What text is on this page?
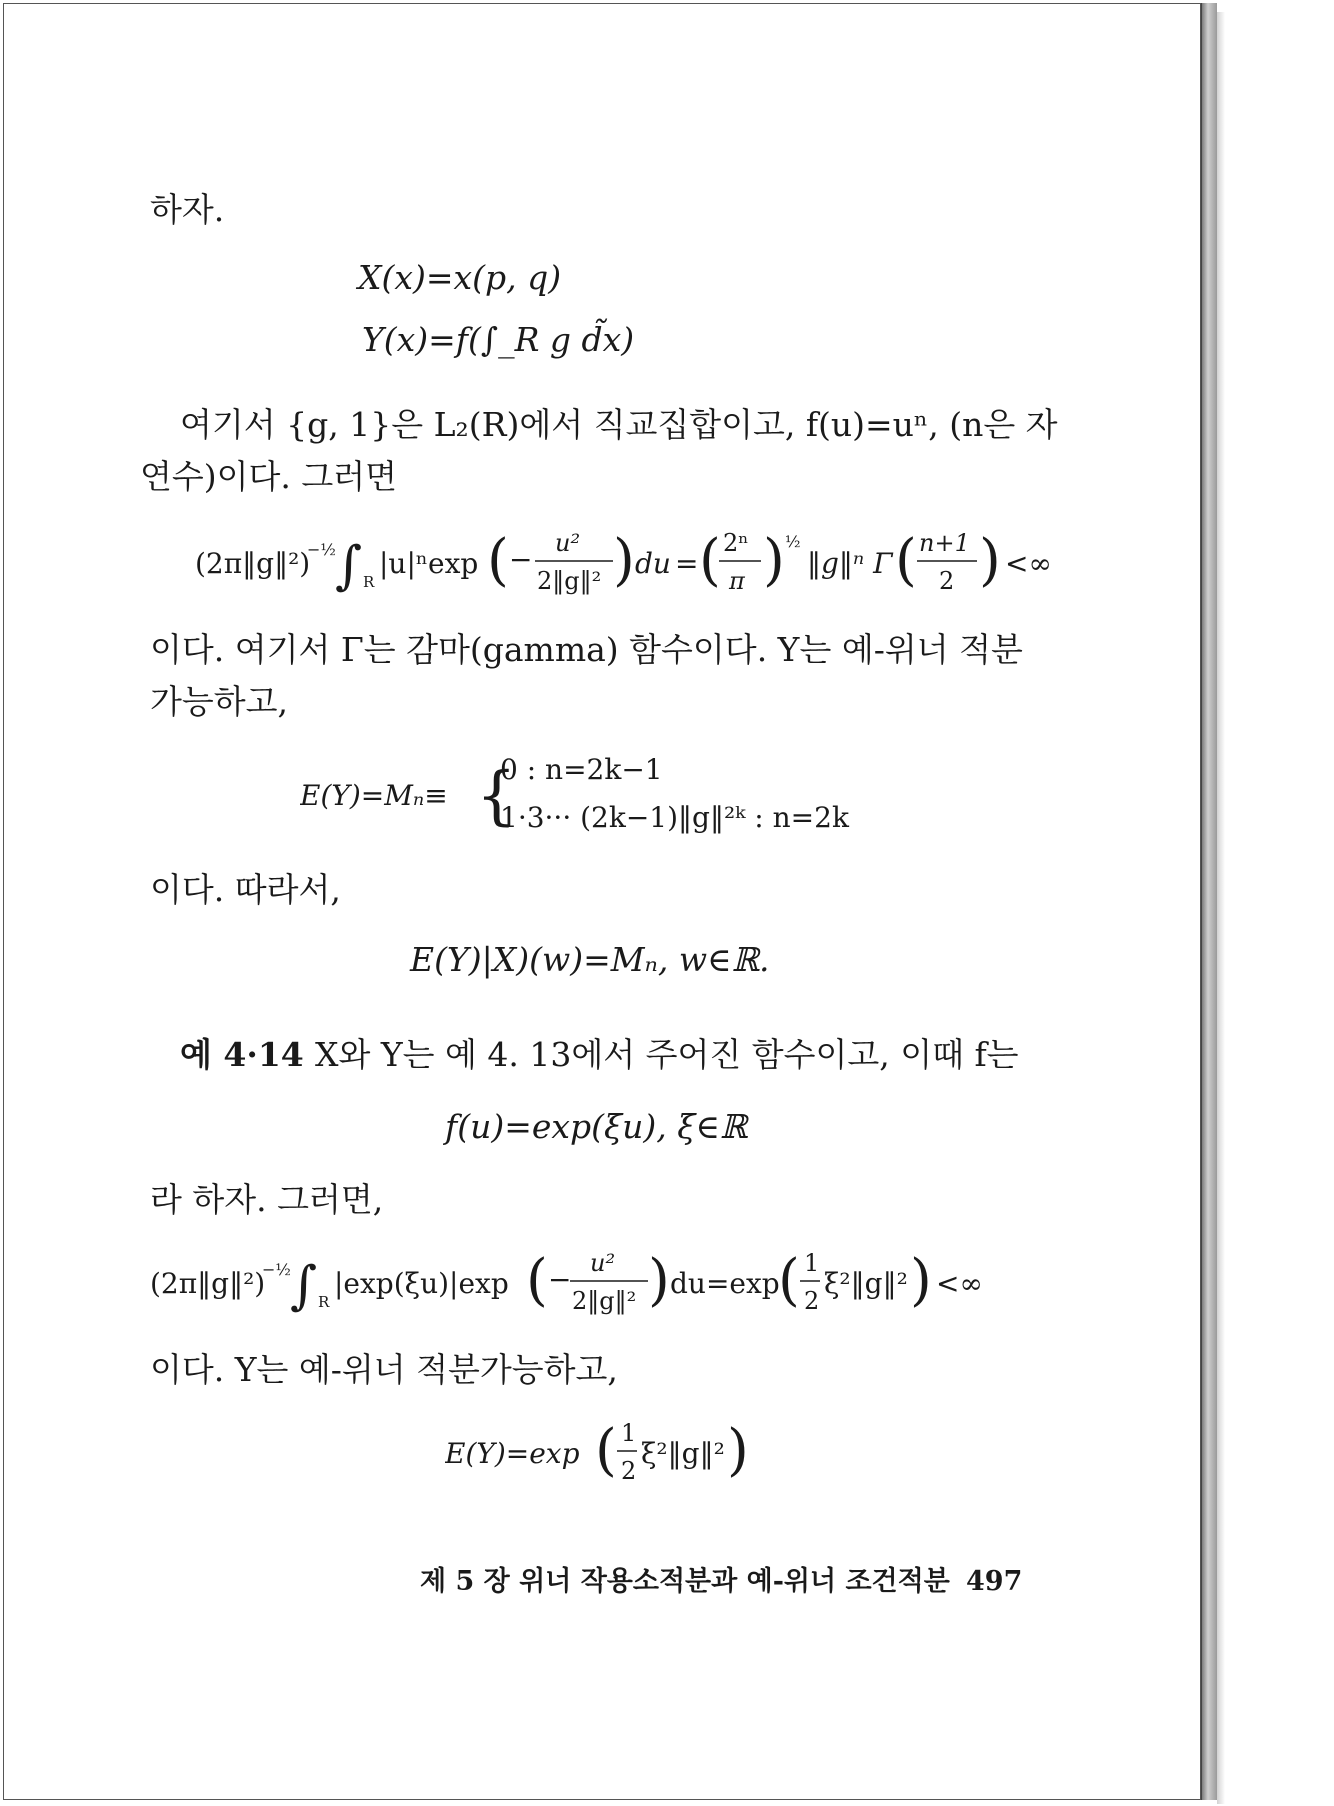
하자.
X(x)=x(p, q)
Y(x)=f(∫_R g d̃x)
여기서 {g, 1}은 L₂(R)에서 직교집합이고, f(u)=uⁿ, (n은 자
연수)이다. 그러면
(2π‖g‖²)
−½ ∫ R
|u|ⁿexp ( − u²
2‖g‖² ) du = ( 2ⁿ
π ) ½
‖g‖ⁿ Γ ( n+1
2 ) <∞
이다. 여기서 Γ는 감마(gamma) 함수이다. Y는 예-위너 적분
가능하고,
E(Y)=Mₙ≡ {
0 : n=2k−1
1·3··· (2k−1)‖g‖²ᵏ : n=2k
이다. 따라서,
E(Y)|X)(w)=Mₙ, w∈ℝ.
예 4·14 X와 Y는 예 4. 13에서 주어진 함수이고, 이때 f는
f(u)=exp(ξu), ξ∈ℝ
라 하자. 그러면,
(2π‖g‖²)
−½ ∫ R
|exp(ξu)|exp ( − u²
2‖g‖² ) du=exp
( 1
2
ξ²‖g‖² ) <∞
이다. Y는 예-위너 적분가능하고,
E(Y)=exp ( 1
2
ξ²‖g‖² )
제 5 장 위너 작용소적분과 예-위너 조건적분 497
